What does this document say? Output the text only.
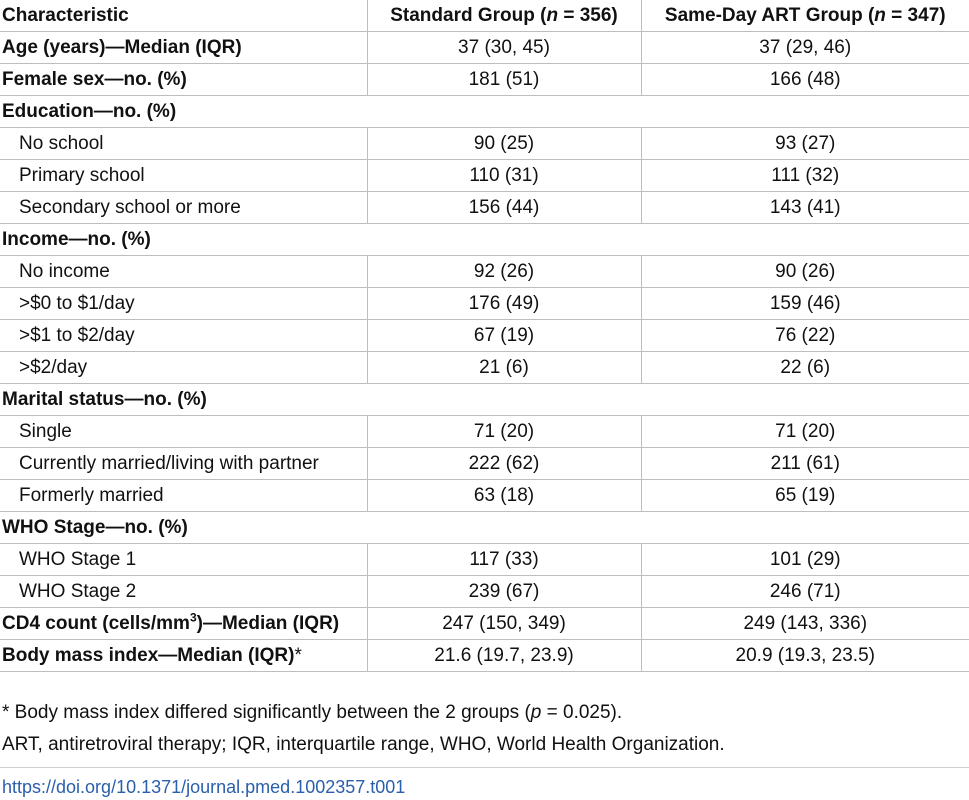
Characteristic	Standard Group (n = 356)	Same-Day ART Group (n = 347)
Age (years)—Median (IQR)	37 (30, 45)	37 (29, 46)
Female sex—no. (%)	181 (51)	166 (48)
Education—no. (%)		
No school	90 (25)	93 (27)
Primary school	110 (31)	111 (32)
Secondary school or more	156 (44)	143 (41)
Income—no. (%)		
No income	92 (26)	90 (26)
>$0 to $1/day	176 (49)	159 (46)
>$1 to $2/day	67 (19)	76 (22)
>$2/day	21 (6)	22 (6)
Marital status—no. (%)		
Single	71 (20)	71 (20)
Currently married/living with partner	222 (62)	211 (61)
Formerly married	63 (18)	65 (19)
WHO Stage—no. (%)		
WHO Stage 1	117 (33)	101 (29)
WHO Stage 2	239 (67)	246 (71)
CD4 count $(cells/mm^3)—Median$ (IQR)	247 (150, 349)	249 (143, 336)
Body mass index—Median (IQR)*	21.6 (19.7, 23.9)	20.9 (19.3, 23.5)
* Body mass index differed significantly between the 2 groups (p = 0.025).
ART, antiretroviral therapy; IQR, interquartile range, WHO, World Health Organization.
https://doi.org/10.1371/journal.pmed.1002357.t001
